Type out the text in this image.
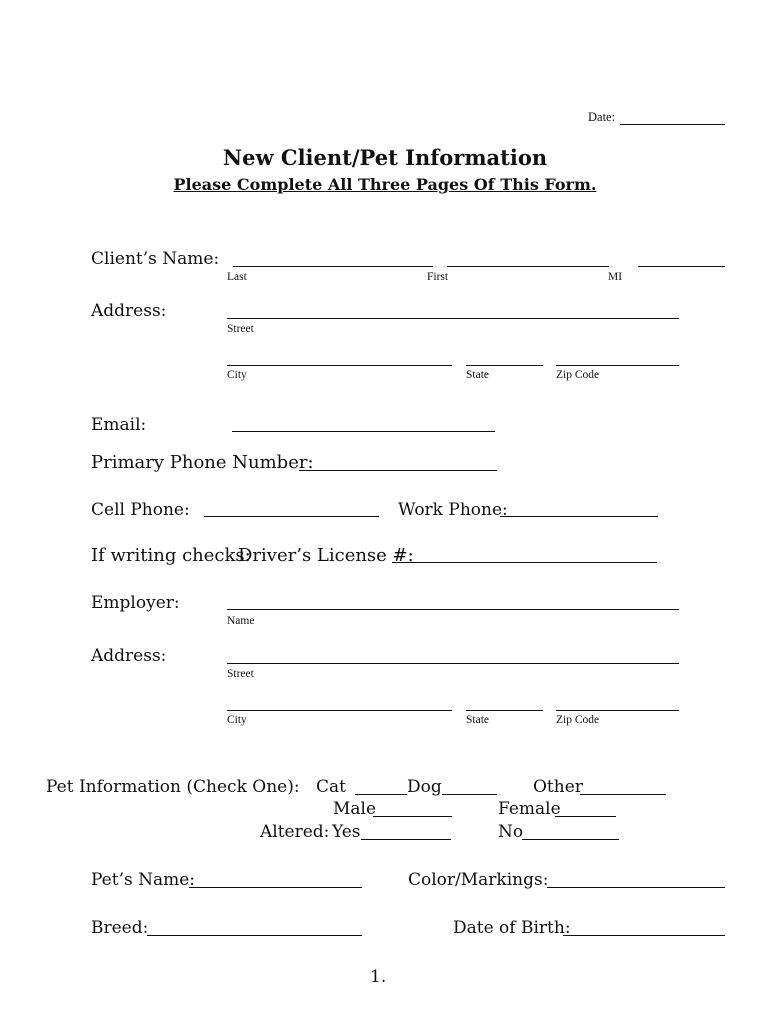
Date:
New Client/Pet Information
Please Complete All Three Pages Of This Form.
Client’s Name:
Last	First	MI
Address:
Street
City	State	Zip Code
Email:
Primary Phone Number:
Cell Phone:	Work Phone:
If writing checks:
Driver’s License #:
Employer:
Name
Address:
Street
City	State	Zip Code
Pet Information (Check One): Cat	Dog	Other
Male	Female
Altered: Yes	No
Pet’s Name:	Color/Markings:
Breed:	Date of Birth:
1.
